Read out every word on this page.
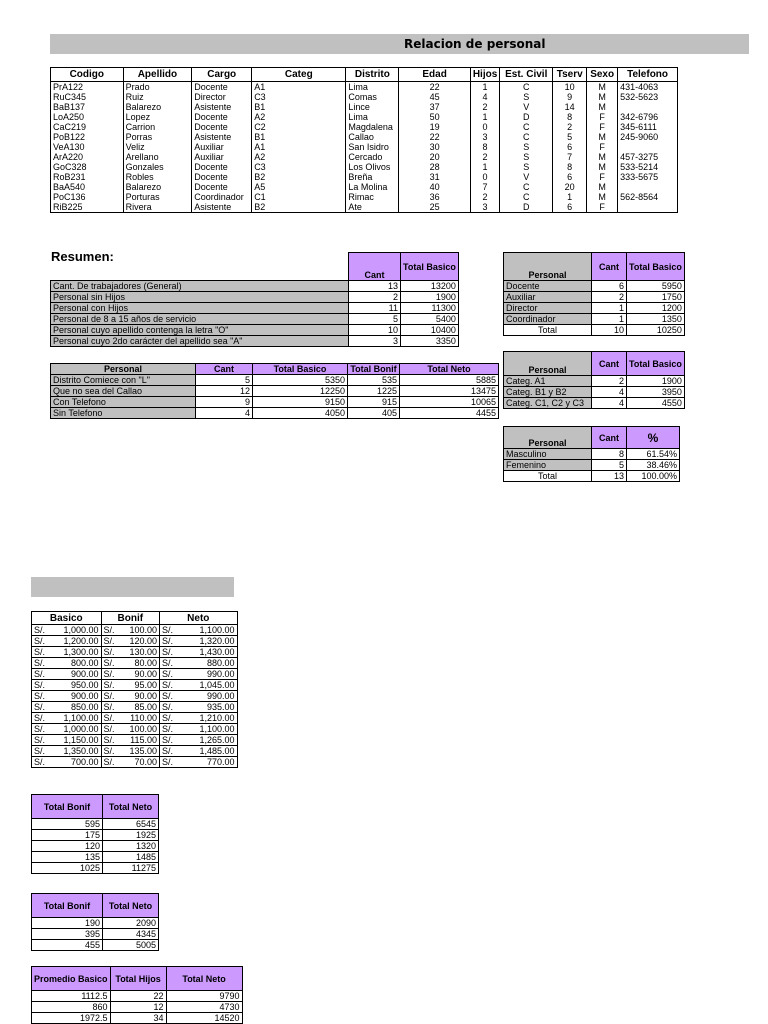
Relacion de personal
Codigo	Apellido	Cargo	Categ	Distrito	Edad	Hijos	Est. Civil	Tserv	Sexo	Telefono
PrA122	Prado	Docente	A1	Lima	22	1	C	10	M	431-4063
RuC345	Ruiz	Director	C3	Comas	45	4	S	9	M	532-5623
BaB137	Balarezo	Asistente	B1	Lince	37	2	V	14	M	
LoA250	Lopez	Docente	A2	Lima	50	1	D	8	F	342-6796
CaC219	Carrion	Docente	C2	Magdalena	19	0	C	2	F	345-6111
PoB122	Porras	Asistente	B1	Callao	22	3	C	5	M	245-9060
VeA130	Veliz	Auxiliar	A1	San Isidro	30	8	S	6	F	
ArA220	Arellano	Auxiliar	A2	Cercado	20	2	S	7	M	457-3275
GoC328	Gonzales	Docente	C3	Los Olivos	28	1	S	8	M	533-5214
RoB231	Robles	Docente	B2	Breña	31	0	V	6	F	333-5675
BaA540	Balarezo	Docente	A5	La Molina	40	7	C	20	M	
PoC136	Porturas	Coordinador	C1	Rimac	36	2	C	1	M	562-8564
RiB225	Rivera	Asistente	B2	Ate	25	3	D	6	F	
Resumen:
	Cant	Total Basico
Cant. De trabajadores (General)	13	13200
Personal sin Hijos	2	1900
Personal con Hijos	11	11300
Personal de 8 a 15 años de servicio	5	5400
Personal cuyo apellido contenga la letra "O"	10	10400
Personal cuyo 2do carácter del apellido sea "A"	3	3350
Personal	Cant	Total Basico	Total Bonif	Total Neto
Distrito Comiece con "L"	5	5350	535	5885
Que no sea del Callao	12	12250	1225	13475
Con Telefono	9	9150	915	10065
Sin Telefono	4	4050	405	4455
Personal	Cant	Total Basico
Docente	6	5950
Auxiliar	2	1750
Director	1	1200
Coordinador	1	1350
Total	10	10250
Personal	Cant	Total Basico
Categ. A1	2	1900
Categ. B1 y B2	4	3950
Categ. C1, C2 y C3	4	4550
Personal	Cant	%
Masculino	8	61.54%
Femenino	5	38.46%
Total	13	100.00%
Basico		Bonif		Neto	
S/.	1,000.00	S/.	100.00	S/.	1,100.00
S/.	1,200.00	S/.	120.00	S/.	1,320.00
S/.	1,300.00	S/.	130.00	S/.	1,430.00
S/.	800.00	S/.	80.00	S/.	880.00
S/.	900.00	S/.	90.00	S/.	990.00
S/.	950.00	S/.	95.00	S/.	1,045.00
S/.	900.00	S/.	90.00	S/.	990.00
S/.	850.00	S/.	85.00	S/.	935.00
S/.	1,100.00	S/.	110.00	S/.	1,210.00
S/.	1,000.00	S/.	100.00	S/.	1,100.00
S/.	1,150.00	S/.	115.00	S/.	1,265.00
S/.	1,350.00	S/.	135.00	S/.	1,485.00
S/.	700.00	S/.	70.00	S/.	770.00
Total Bonif	Total Neto
595	6545
175	1925
120	1320
135	1485
1025	11275
Total Bonif	Total Neto
190	2090
395	4345
455	5005
Promedio Basico	Total Hijos	Total Neto
1112.5	22	9790
860	12	4730
1972.5	34	14520
